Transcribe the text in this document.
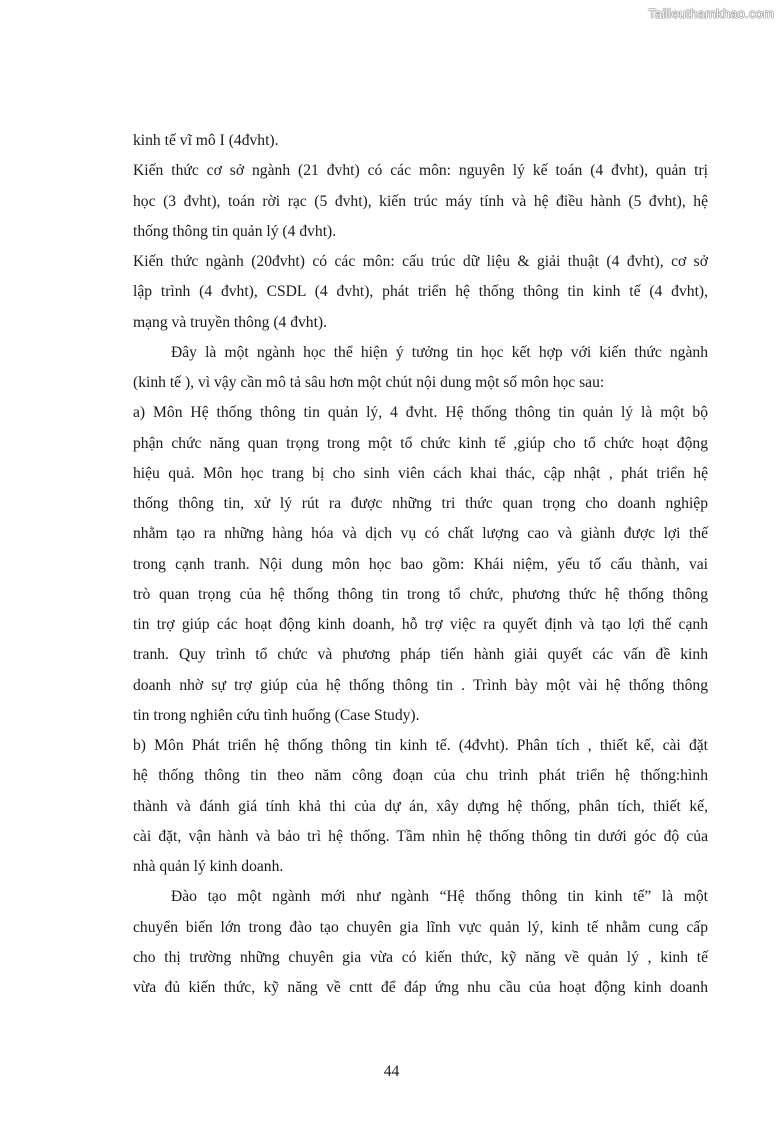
Tailieuthamkhao.com
kinh tế vĩ mô I (4đvht).
Kiến thức cơ sở ngành (21 đvht) có các môn: nguyên lý kế toán (4 đvht), quản trị
học (3 đvht), toán rời rạc (5 đvht), kiến trúc máy tính và hệ điều hành (5 đvht), hệ
thống thông tin quản lý (4 đvht).
Kiến thức ngành (20đvht) có các môn: cấu trúc dữ liệu & giải thuật (4 đvht), cơ sở
lập trình (4 đvht), CSDL (4 đvht), phát triển hệ thống thông tin kinh tế (4 đvht),
mạng và truyền thông (4 đvht).
Đây là một ngành học thể hiện ý tưởng tin học kết hợp với kiến thức ngành
(kinh tế ), vì vậy cần mô tả sâu hơn một chút nội dung một số môn học sau:
a) Môn Hệ thống thông tin quản lý, 4 đvht. Hệ thống thông tin quản lý là một bộ
phận chức năng quan trọng trong một tổ chức kinh tế ,giúp cho tổ chức hoạt động
hiệu quả. Môn học trang bị cho sinh viên cách khai thác, cập nhật , phát triển hệ
thống thông tin, xử lý rút ra được những tri thức quan trọng cho doanh nghiệp
nhằm tạo ra những hàng hóa và dịch vụ có chất lượng cao và giành được lợi thế
trong cạnh tranh. Nội dung môn học bao gồm: Khái niệm, yếu tố cấu thành, vai
trò quan trọng của hệ thống thông tin trong tổ chức, phương thức hệ thống thông
tin trợ giúp các hoạt động kinh doanh, hỗ trợ việc ra quyết định và tạo lợi thế cạnh
tranh. Quy trình tổ chức và phương pháp tiến hành giải quyết các vấn đề kinh
doanh nhờ sự trợ giúp của hệ thống thông tin . Trình bày một vài hệ thống thông
tin trong nghiên cứu tình huống (Case Study).
b) Môn Phát triển hệ thống thông tin kinh tế. (4đvht). Phân tích , thiết kế, cài đặt
hệ thống thông tin theo năm công đoạn của chu trình phát triển hệ thống:hình
thành và đánh giá tính khả thi của dự án, xây dựng hệ thống, phân tích, thiết kế,
cài đặt, vận hành và bảo trì hệ thống. Tầm nhìn hệ thống thông tin dưới góc độ của
nhà quản lý kinh doanh.
Đào tạo một ngành mới như ngành “Hệ thống thông tin kinh tế” là một
chuyển biến lớn trong đào tạo chuyên gia lĩnh vực quản lý, kinh tế nhằm cung cấp
cho thị trường những chuyên gia vừa có kiến thức, kỹ năng về quản lý , kinh tế
vừa đủ kiến thức, kỹ năng về cntt để đáp ứng nhu cầu của hoạt động kinh doanh
44
